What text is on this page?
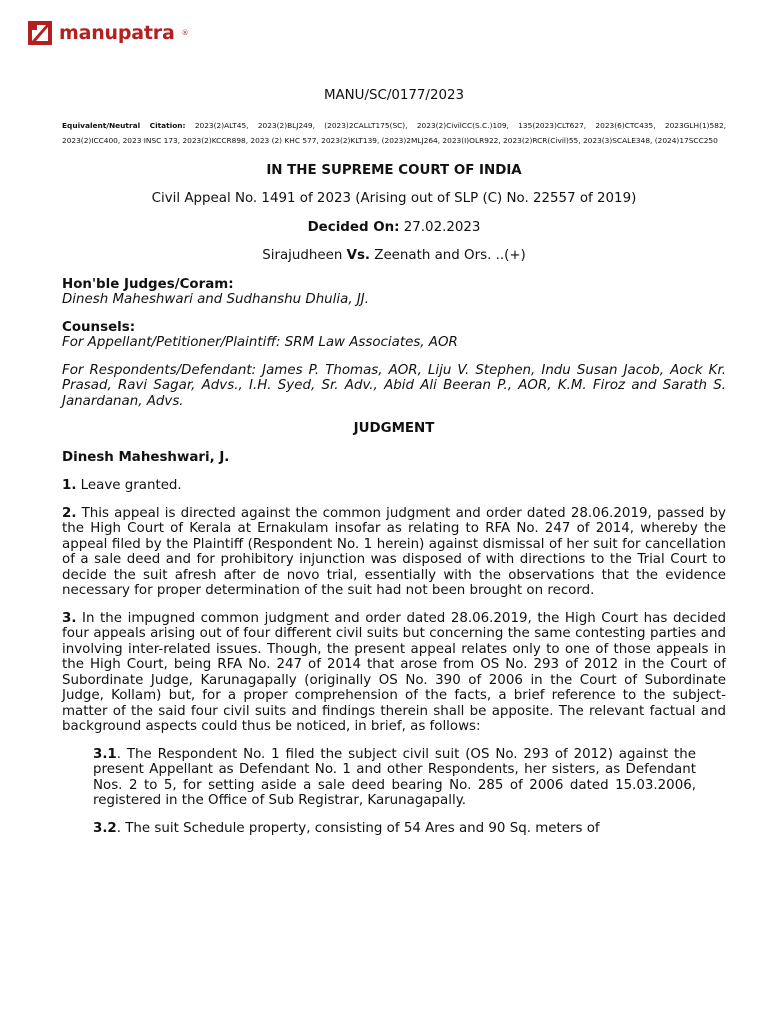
manupatra ®
MANU/SC/0177/2023
Equivalent/Neutral Citation: 2023(2)ALT45, 2023(2)BLJ249, (2023)2CALLT175(SC), 2023(2)CivilCC(S.C.)109, 135(2023)CLT627, 2023(6)CTC435, 2023GLH(1)582, 2023(2)ICC400, 2023 INSC 173, 2023(2)KCCR898, 2023 (2) KHC 577, 2023(2)KLT139, (2023)2MLJ264, 2023(I)OLR922, 2023(2)RCR(Civil)55, 2023(3)SCALE348, (2024)17SCC250
IN THE SUPREME COURT OF INDIA
Civil Appeal No. 1491 of 2023 (Arising out of SLP (C) No. 22557 of 2019)
Decided On: 27.02.2023
Sirajudheen Vs. Zeenath and Ors. ..(+)
Hon'ble Judges/Coram:
Dinesh Maheshwari and Sudhanshu Dhulia, JJ.
Counsels:
For Appellant/Petitioner/Plaintiff: SRM Law Associates, AOR
For Respondents/Defendant: James P. Thomas, AOR, Liju V. Stephen, Indu Susan Jacob, Aock Kr. Prasad, Ravi Sagar, Advs., I.H. Syed, Sr. Adv., Abid Ali Beeran P., AOR, K.M. Firoz and Sarath S. Janardanan, Advs.
JUDGMENT
Dinesh Maheshwari, J.
1. Leave granted.
2. This appeal is directed against the common judgment and order dated 28.06.2019, passed by the High Court of Kerala at Ernakulam insofar as relating to RFA No. 247 of 2014, whereby the appeal filed by the Plaintiff (Respondent No. 1 herein) against dismissal of her suit for cancellation of a sale deed and for prohibitory injunction was disposed of with directions to the Trial Court to decide the suit afresh after de novo trial, essentially with the observations that the evidence necessary for proper determination of the suit had not been brought on record.
3. In the impugned common judgment and order dated 28.06.2019, the High Court has decided four appeals arising out of four different civil suits but concerning the same contesting parties and involving inter-related issues. Though, the present appeal relates only to one of those appeals in the High Court, being RFA No. 247 of 2014 that arose from OS No. 293 of 2012 in the Court of Subordinate Judge, Karunagapally (originally OS No. 390 of 2006 in the Court of Subordinate Judge, Kollam) but, for a proper comprehension of the facts, a brief reference to the subject-matter of the said four civil suits and findings therein shall be apposite. The relevant factual and background aspects could thus be noticed, in brief, as follows:
3.1. The Respondent No. 1 filed the subject civil suit (OS No. 293 of 2012) against the present Appellant as Defendant No. 1 and other Respondents, her sisters, as Defendant Nos. 2 to 5, for setting aside a sale deed bearing No. 285 of 2006 dated 15.03.2006, registered in the Office of Sub Registrar, Karunagapally.
3.2. The suit Schedule property, consisting of 54 Ares and 90 Sq. meters of
